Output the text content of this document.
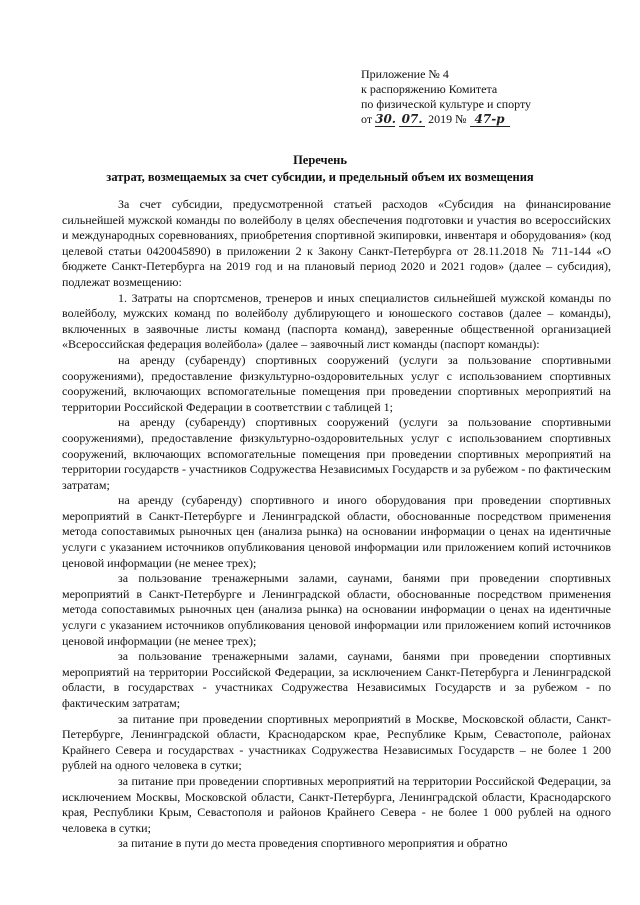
Приложение № 4
к распоряжению Комитета
по физической культуре и спорту
от 30. 07. 2019 № 47-р
Перечень
затрат, возмещаемых за счет субсидии, и предельный объем их возмещения

За счет субсидии, предусмотренной статьей расходов «Субсидия на финансирование сильнейшей мужской команды по волейболу в целях обеспечения подготовки и участия во всероссийских и международных соревнованиях, приобретения спортивной экипировки, инвентаря и оборудования» (код целевой статьи 0420045890) в приложении 2 к Закону Санкт-Петербурга от 28.11.2018 № 711-144 «О бюджете Санкт-Петербурга на 2019 год и на плановый период 2020 и 2021 годов» (далее – субсидия), подлежат возмещению:

1. Затраты на спортсменов, тренеров и иных специалистов сильнейшей мужской команды по волейболу, мужских команд по волейболу дублирующего и юношеского составов (далее – команды), включенных в заявочные листы команд (паспорта команд), заверенные общественной организацией «Всероссийская федерация волейбола» (далее – заявочный лист команды (паспорт команды):

на аренду (субаренду) спортивных сооружений (услуги за пользование спортивными сооружениями), предоставление физкультурно-оздоровительных услуг с использованием спортивных сооружений, включающих вспомогательные помещения при проведении спортивных мероприятий на территории Российской Федерации в соответствии с таблицей 1;

на аренду (субаренду) спортивных сооружений (услуги за пользование спортивными сооружениями), предоставление физкультурно-оздоровительных услуг с использованием спортивных сооружений, включающих вспомогательные помещения при проведении спортивных мероприятий на территории государств - участников Содружества Независимых Государств и за рубежом - по фактическим затратам;

на аренду (субаренду) спортивного и иного оборудования при проведении спортивных мероприятий в Санкт-Петербурге и Ленинградской области, обоснованные посредством применения метода сопоставимых рыночных цен (анализа рынка) на основании информации о ценах на идентичные услуги с указанием источников опубликования ценовой информации или приложением копий источников ценовой информации (не менее трех);

за пользование тренажерными залами, саунами, банями при проведении спортивных мероприятий в Санкт-Петербурге и Ленинградской области, обоснованные посредством применения метода сопоставимых рыночных цен (анализа рынка) на основании информации о ценах на идентичные услуги с указанием источников опубликования ценовой информации или приложением копий источников ценовой информации (не менее трех);

за пользование тренажерными залами, саунами, банями при проведении спортивных мероприятий на территории Российской Федерации, за исключением Санкт-Петербурга и Ленинградской области, в государствах - участниках Содружества Независимых Государств и за рубежом - по фактическим затратам;

за питание при проведении спортивных мероприятий в Москве, Московской области, Санкт-Петербурге, Ленинградской области, Краснодарском крае, Республике Крым, Севастополе, районах Крайнего Севера и государствах - участниках Содружества Независимых Государств – не более 1 200 рублей на одного человека в сутки;

за питание при проведении спортивных мероприятий на территории Российской Федерации, за исключением Москвы, Московской области, Санкт-Петербурга, Ленинградской области, Краснодарского края, Республики Крым, Севастополя и районов Крайнего Севера - не более 1 000 рублей на одного человека в сутки;

за питание в пути до места проведения спортивного мероприятия и обратно
